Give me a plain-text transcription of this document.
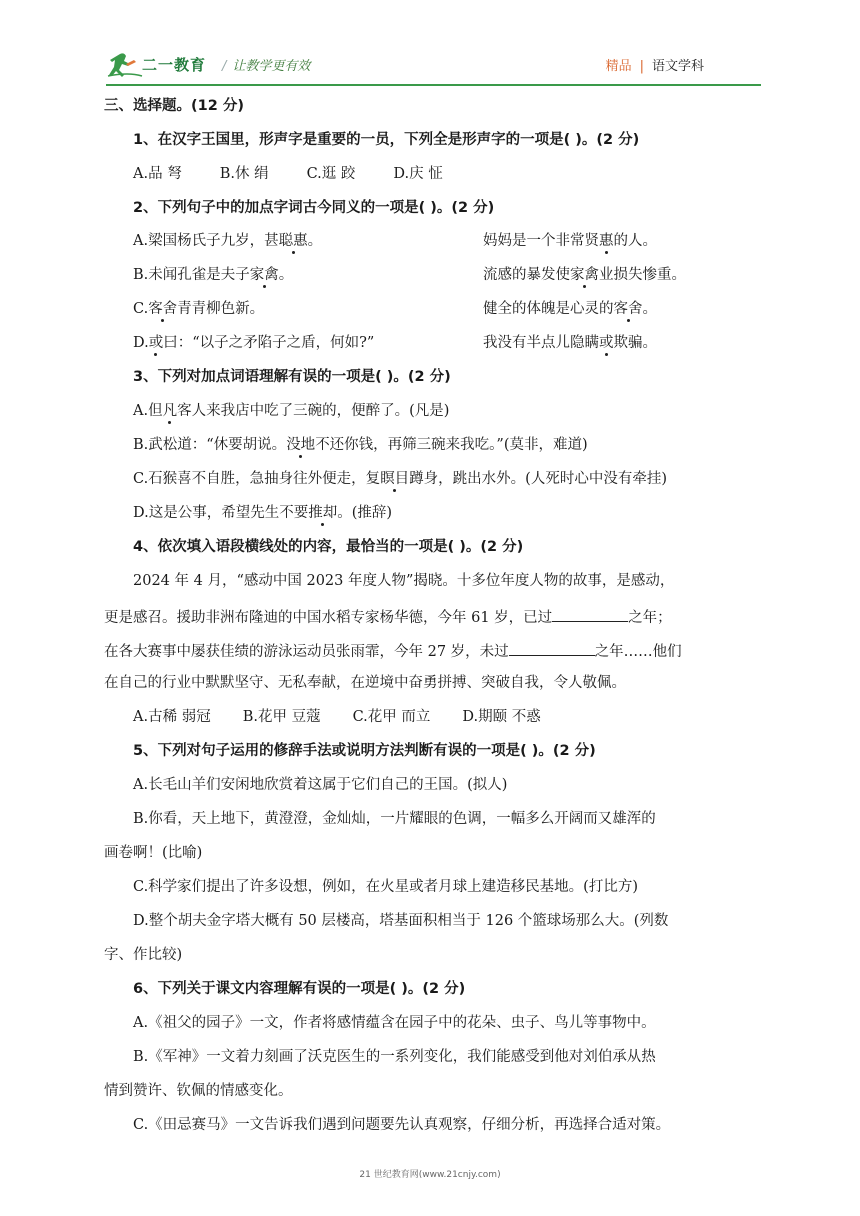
二一教育 / 让教学更有效	精品 | 语文学科
三、选择题。(12 分)
1、在汉字王国里，形声字是重要的一员，下列全是形声字的一项是( )。(2 分)
A.品 弩	B.休 绢	C.逛 跤	D.庆 怔
2、下列句子中的加点字词古今同义的一项是( )。(2 分)
A.梁国杨氏子九岁，甚聪惠。	妈妈是一个非常贤惠的人。
B.未闻孔雀是夫子家禽。	流感的暴发使家禽业损失惨重。
C.客舍青青柳色新。	健全的体魄是心灵的客舍。
D.或曰：“以子之矛陷子之盾，何如?”	我没有半点儿隐瞒或欺骗。
3、下列对加点词语理解有误的一项是( )。(2 分)
A.但凡客人来我店中吃了三碗的，便醉了。(凡是)
B.武松道：“休要胡说。没地不还你钱，再筛三碗来我吃。”(莫非，难道)
C.石猴喜不自胜，急抽身往外便走，复瞑目蹲身，跳出水外。(人死时心中没有牵挂)
D.这是公事，希望先生不要推却。(推辞)
4、依次填入语段横线处的内容，最恰当的一项是( )。(2 分)
2024 年 4 月，“感动中国 2023 年度人物”揭晓。十多位年度人物的故事，是感动，
更是感召。援助非洲布隆迪的中国水稻专家杨华德，今年 61 岁，已过	之年；
在各大赛事中屡获佳绩的游泳运动员张雨霏，今年 27 岁，未过	之年……他们
在自己的行业中默默坚守、无私奉献，在逆境中奋勇拼搏、突破自我，令人敬佩。
A.古稀 弱冠 B.花甲 豆蔻 C.花甲 而立 D.期颐 不惑
5、下列对句子运用的修辞手法或说明方法判断有误的一项是( )。(2 分)
A.长毛山羊们安闲地欣赏着这属于它们自己的王国。(拟人)
B.你看，天上地下，黄澄澄，金灿灿，一片耀眼的色调，一幅多么开阔而又雄浑的
画卷啊！(比喻)
C.科学家们提出了许多设想，例如，在火星或者月球上建造移民基地。(打比方)
D.整个胡夫金字塔大概有 50 层楼高，塔基面积相当于 126 个篮球场那么大。(列数
字、作比较)
6、下列关于课文内容理解有误的一项是( )。(2 分)
A.《祖父的园子》一文，作者将感情蕴含在园子中的花朵、虫子、鸟儿等事物中。
B.《军神》一文着力刻画了沃克医生的一系列变化，我们能感受到他对刘伯承从热
情到赞许、钦佩的情感变化。
C.《田忌赛马》一文告诉我们遇到问题要先认真观察，仔细分析，再选择合适对策。
21 世纪教育网(www.21cnjy.com)
